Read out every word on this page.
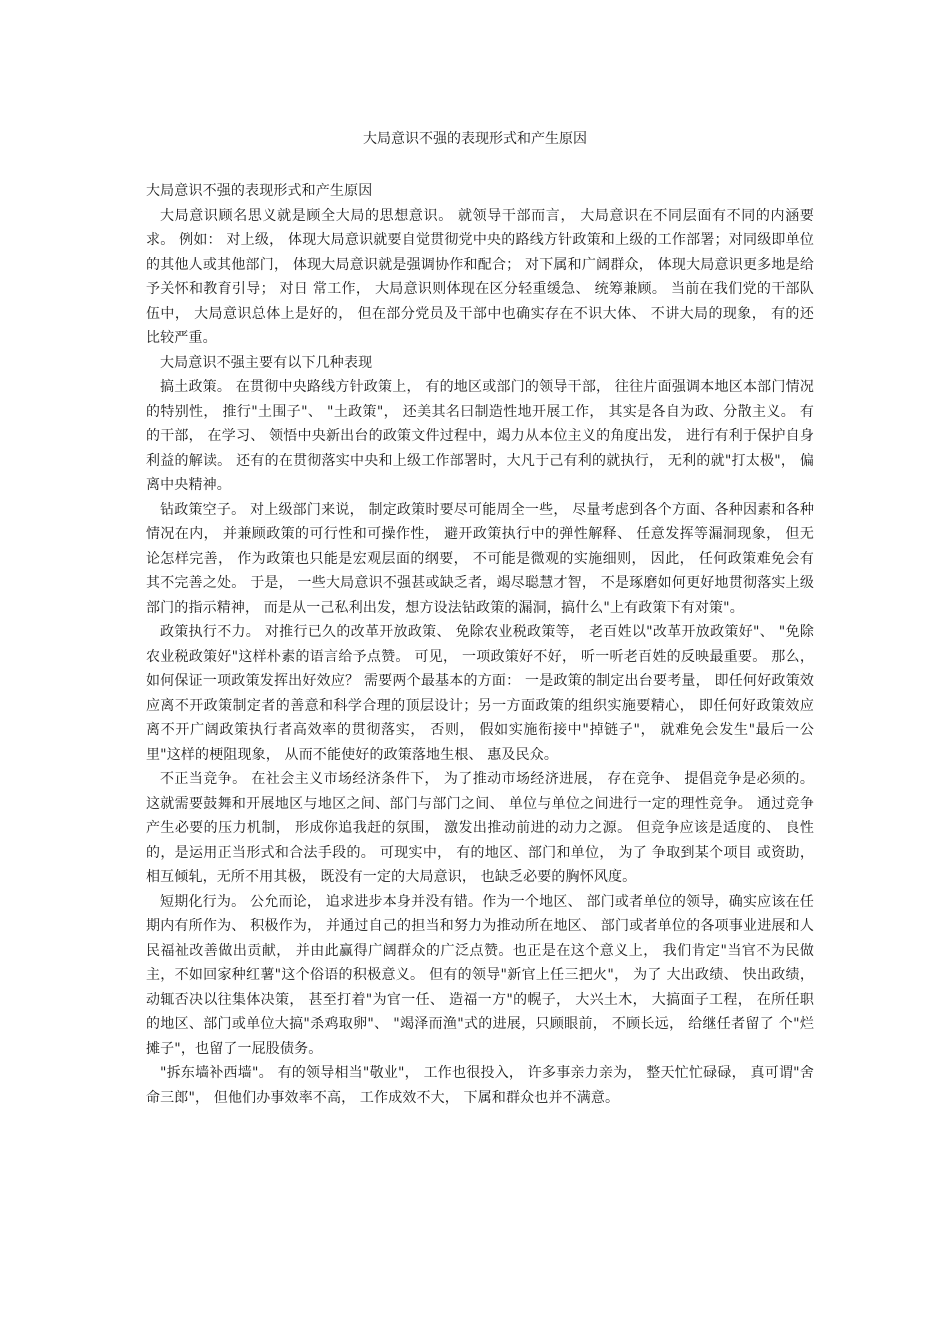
大局意识不强的表现形式和产生原因

大局意识不强的表现形式和产生原因

大局意识顾名思义就是顾全大局的思想意识。 就领导干部而言， 大局意识在不同层面有不同的内涵要求。 例如： 对上级， 体现大局意识就要自觉贯彻党中央的路线方针政策和上级的工作部署；对同级即单位的其他人或其他部门， 体现大局意识就是强调协作和配合； 对下属和广阔群众， 体现大局意识更多地是给予关怀和教育引导； 对日 常工作， 大局意识则体现在区分轻重缓急、 统筹兼顾。 当前在我们党的干部队伍中， 大局意识总体上是好的， 但在部分党员及干部中也确实存在不识大体、 不讲大局的现象， 有的还比较严重。

大局意识不强主要有以下几种表现

搞土政策。 在贯彻中央路线方针政策上， 有的地区或部门的领导干部， 往往片面强调本地区本部门情况的特别性， 推行"土围子"、 "土政策"， 还美其名曰制造性地开展工作， 其实是各自为政、分散主义。 有的干部， 在学习、 领悟中央新出台的政策文件过程中，竭力从本位主义的角度出发， 进行有利于保护自身利益的解读。 还有的在贯彻落实中央和上级工作部署时，大凡于己有利的就执行， 无利的就"打太极"， 偏离中央精神。

钻政策空子。 对上级部门来说， 制定政策时要尽可能周全一些， 尽量考虑到各个方面、各种因素和各种情况在内， 并兼顾政策的可行性和可操作性， 避开政策执行中的弹性解释、 任意发挥等漏洞现象， 但无论怎样完善， 作为政策也只能是宏观层面的纲要， 不可能是微观的实施细则， 因此， 任何政策难免会有其不完善之处。 于是， 一些大局意识不强甚或缺乏者，竭尽聪慧才智， 不是琢磨如何更好地贯彻落实上级部门的指示精神， 而是从一己私利出发，想方设法钻政策的漏洞，搞什么"上有政策下有对策"。

政策执行不力。 对推行已久的改革开放政策、 免除农业税政策等， 老百姓以"改革开放政策好"、 "免除农业税政策好"这样朴素的语言给予点赞。 可见， 一项政策好不好， 听一听老百姓的反映最重要。 那么， 如何保证一项政策发挥出好效应？ 需要两个最基本的方面： 一是政策的制定出台要考量， 即任何好政策效应离不开政策制定者的善意和科学合理的顶层设计；另一方面政策的组织实施要精心， 即任何好政策效应离不开广阔政策执行者高效率的贯彻落实， 否则， 假如实施衔接中"掉链子"， 就难免会发生"最后一公里"这样的梗阻现象， 从而不能使好的政策落地生根、 惠及民众。

不正当竞争。 在社会主义市场经济条件下， 为了推动市场经济进展， 存在竞争、 提倡竞争是必须的。这就需要鼓舞和开展地区与地区之间、部门与部门之间、 单位与单位之间进行一定的理性竞争。 通过竞争产生必要的压力机制， 形成你追我赶的氛围， 激发出推动前进的动力之源。 但竞争应该是适度的、 良性的，是运用正当形式和合法手段的。 可现实中， 有的地区、部门和单位， 为了 争取到某个项目 或资助， 相互倾轧，无所不用其极， 既没有一定的大局意识， 也缺乏必要的胸怀风度。

短期化行为。 公允而论， 追求进步本身并没有错。作为一个地区、 部门或者单位的领导，确实应该在任期内有所作为、 积极作为， 并通过自己的担当和努力为推动所在地区、 部门或者单位的各项事业进展和人民福祉改善做出贡献， 并由此赢得广阔群众的广泛点赞。也正是在这个意义上， 我们肯定"当官不为民做主，不如回家种红薯"这个俗语的积极意义。 但有的领导"新官上任三把火"， 为了 大出政绩、 快出政绩， 动辄否决以往集体决策， 甚至打着"为官一任、 造福一方"的幌子， 大兴土木， 大搞面子工程， 在所任职的地区、部门或单位大搞"杀鸡取卵"、 "竭泽而渔"式的进展，只顾眼前， 不顾长远， 给继任者留了 个"烂摊子"，也留了一屁股债务。

"拆东墙补西墙"。 有的领导相当"敬业"， 工作也很投入， 许多事亲力亲为， 整天忙忙碌碌， 真可谓"舍命三郎"， 但他们办事效率不高， 工作成效不大， 下属和群众也并不满意。
